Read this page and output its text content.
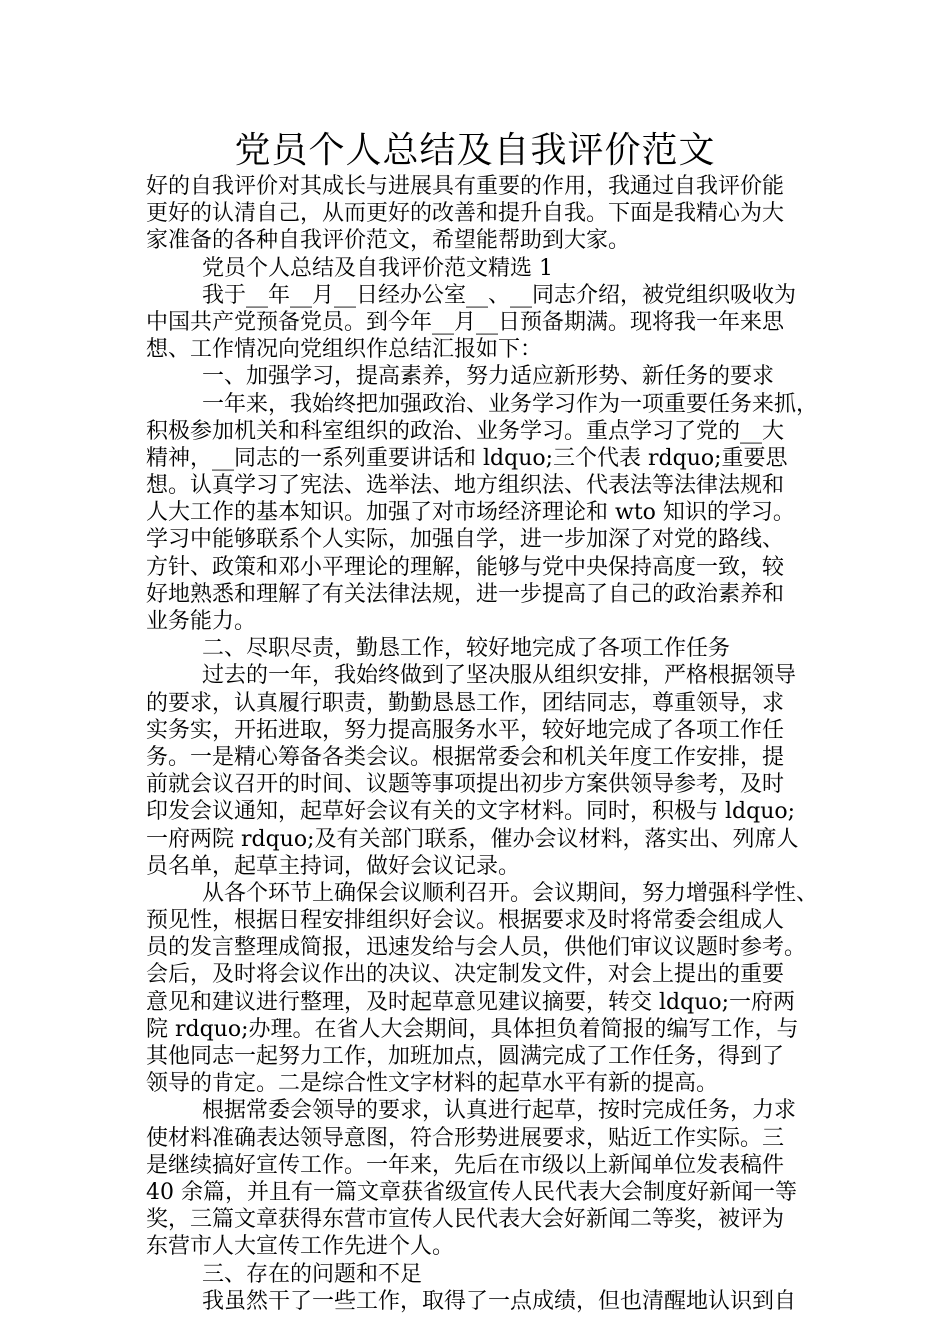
党员个人总结及自我评价范文
好的自我评价对其成长与进展具有重要的作用，我通过自我评价能
更好的认清自己，从而更好的改善和提升自我。下面是我精心为大
家准备的各种自我评价范文，希望能帮助到大家。
党员个人总结及自我评价范文精选 1
我于__年__月__日经办公室__、__同志介绍，被党组织吸收为
中国共产党预备党员。到今年__月__日预备期满。现将我一年来思
想、工作情况向党组织作总结汇报如下：
一、加强学习，提高素养，努力适应新形势、新任务的要求
一年来，我始终把加强政治、业务学习作为一项重要任务来抓，
积极参加机关和科室组织的政治、业务学习。重点学习了党的__大
精神，__同志的一系列重要讲话和 ldquo;三个代表 rdquo;重要思
想。认真学习了宪法、选举法、地方组织法、代表法等法律法规和
人大工作的基本知识。加强了对市场经济理论和 wto 知识的学习。
学习中能够联系个人实际，加强自学，进一步加深了对党的路线、
方针、政策和邓小平理论的理解，能够与党中央保持高度一致，较
好地熟悉和理解了有关法律法规，进一步提高了自己的政治素养和
业务能力。
二、尽职尽责，勤恳工作，较好地完成了各项工作任务
过去的一年，我始终做到了坚决服从组织安排，严格根据领导
的要求，认真履行职责，勤勤恳恳工作，团结同志，尊重领导，求
实务实，开拓进取，努力提高服务水平，较好地完成了各项工作任
务。一是精心筹备各类会议。根据常委会和机关年度工作安排，提
前就会议召开的时间、议题等事项提出初步方案供领导参考，及时
印发会议通知，起草好会议有关的文字材料。同时，积极与 ldquo;
一府两院 rdquo;及有关部门联系，催办会议材料，落实出、列席人
员名单，起草主持词，做好会议记录。
从各个环节上确保会议顺利召开。会议期间，努力增强科学性、
预见性，根据日程安排组织好会议。根据要求及时将常委会组成人
员的发言整理成简报，迅速发给与会人员，供他们审议议题时参考。
会后，及时将会议作出的决议、决定制发文件，对会上提出的重要
意见和建议进行整理，及时起草意见建议摘要，转交 ldquo;一府两
院 rdquo;办理。在省人大会期间，具体担负着简报的编写工作，与
其他同志一起努力工作，加班加点，圆满完成了工作任务，得到了
领导的肯定。二是综合性文字材料的起草水平有新的提高。
根据常委会领导的要求，认真进行起草，按时完成任务，力求
使材料准确表达领导意图，符合形势进展要求，贴近工作实际。三
是继续搞好宣传工作。一年来，先后在市级以上新闻单位发表稿件
40 余篇，并且有一篇文章获省级宣传人民代表大会制度好新闻一等
奖，三篇文章获得东营市宣传人民代表大会好新闻二等奖，被评为
东营市人大宣传工作先进个人。
三、存在的问题和不足
我虽然干了一些工作，取得了一点成绩，但也清醒地认识到自
